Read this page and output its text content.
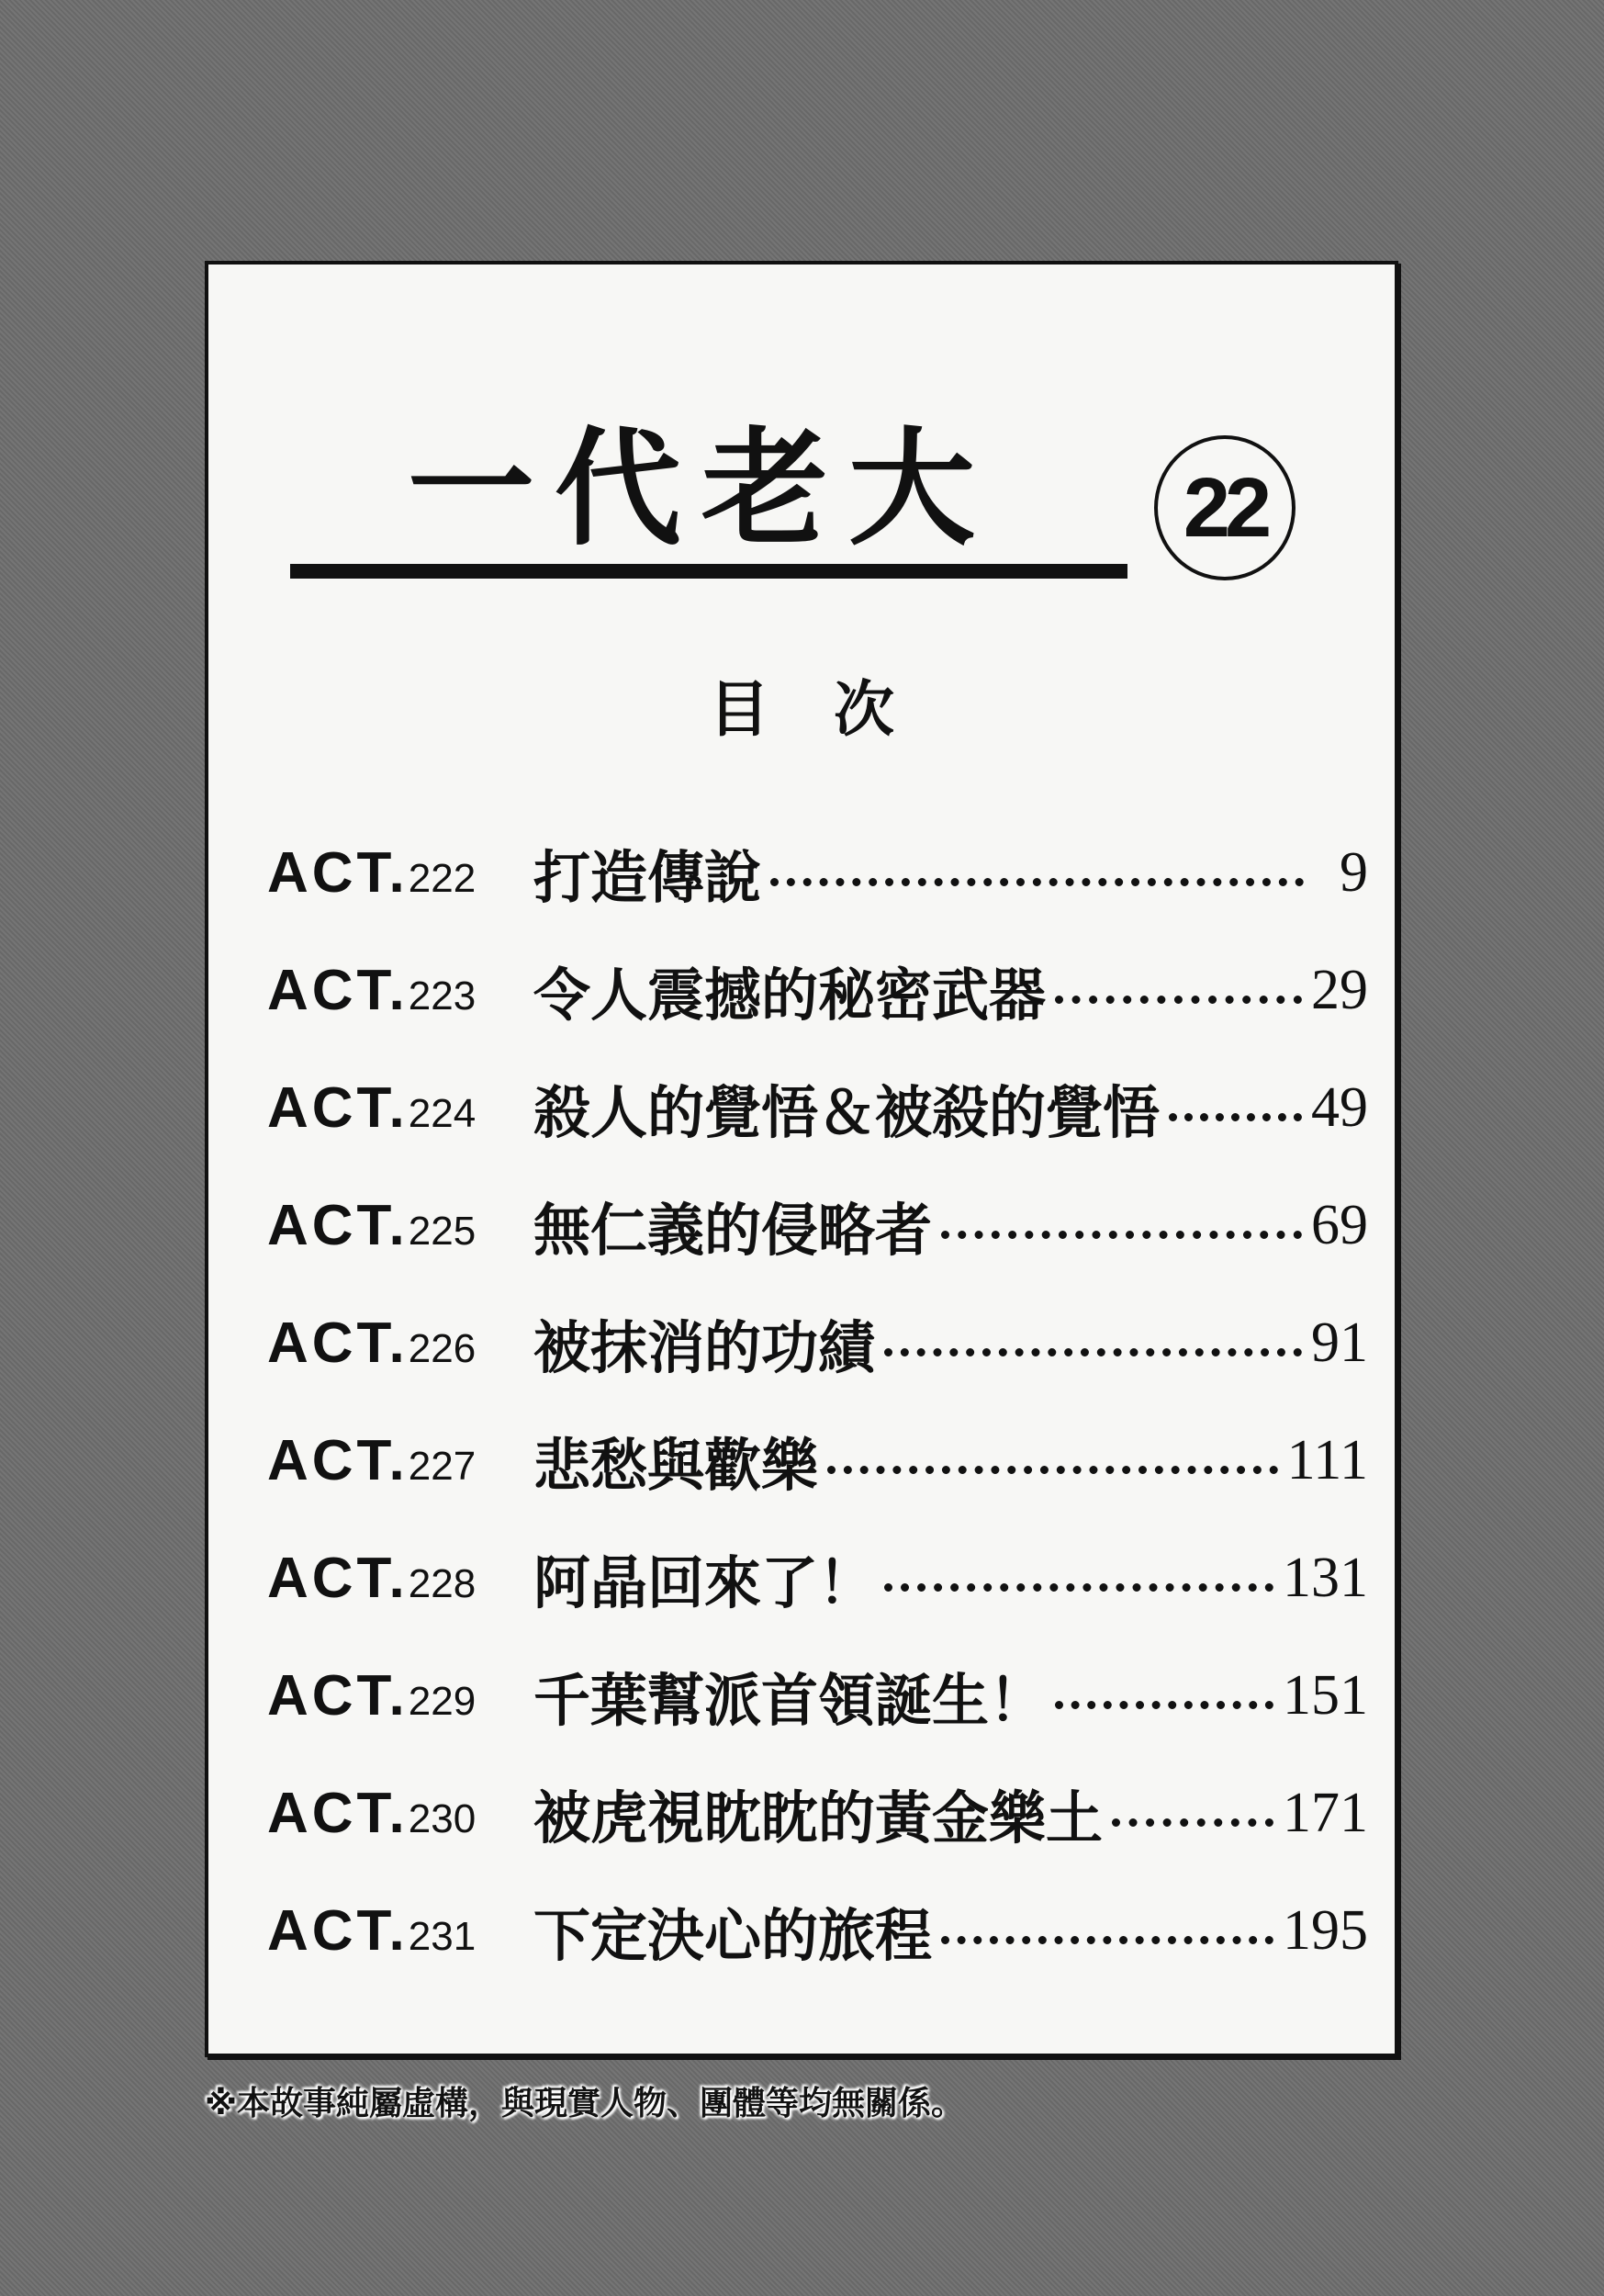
一代老大	22
目次
ACT.222	打造傳說	9
ACT.223	令人震撼的秘密武器	29
ACT.224	殺人的覺悟＆被殺的覺悟	49
ACT.225	無仁義的侵略者	69
ACT.226	被抹消的功績	91
ACT.227	悲愁與歡樂	111
ACT.228	阿晶回來了！	131
ACT.229	千葉幫派首領誕生！	151
ACT.230	被虎視眈眈的黃金樂土	171
ACT.231	下定決心的旅程	195
※本故事純屬虛構，與現實人物、團體等均無關係。
